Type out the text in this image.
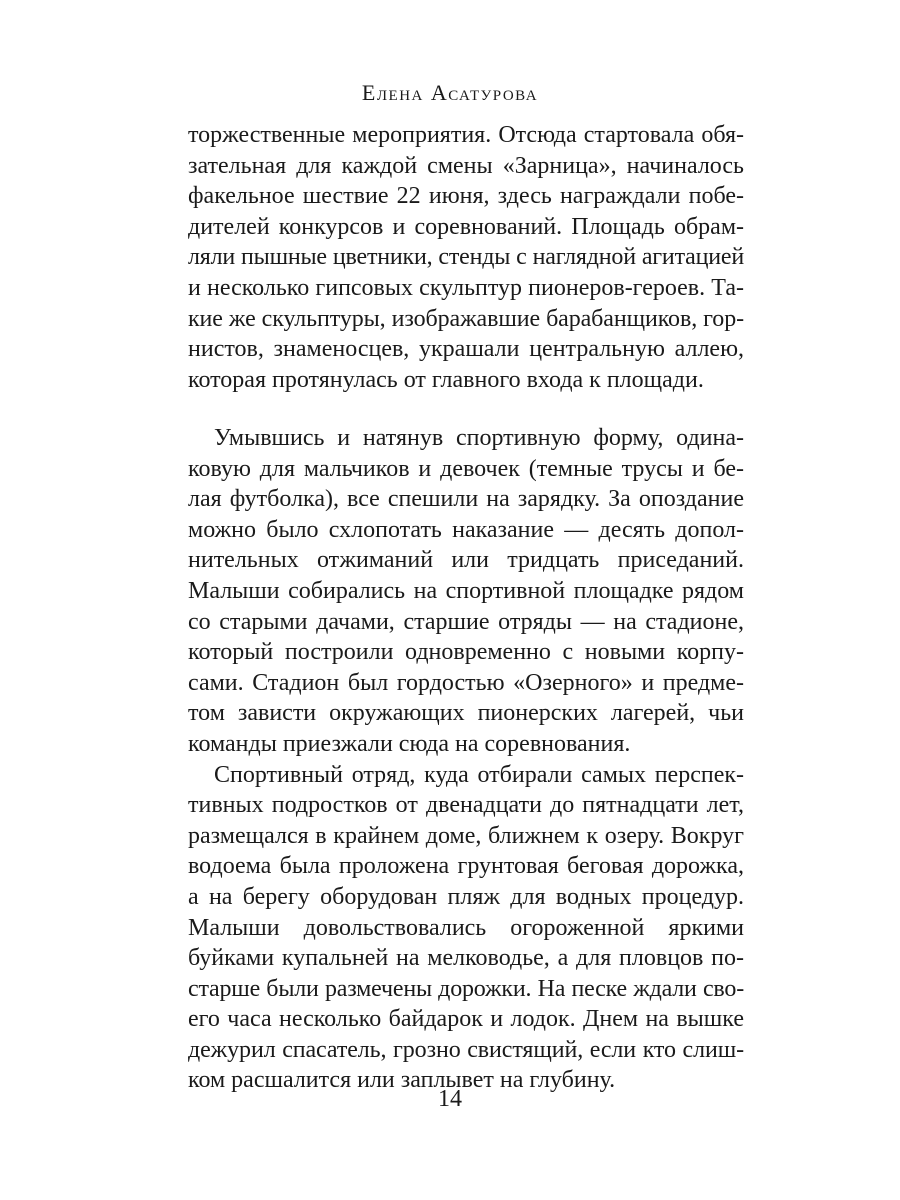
Елена Асатурова
торжественные мероприятия. Отсюда стартовала обя-
зательная для каждой смены «Зарница», начиналось
факельное шествие 22 июня, здесь награждали побе-
дителей конкурсов и соревнований. Площадь обрам-
ляли пышные цветники, стенды с наглядной агитацией
и несколько гипсовых скульптур пионеров-героев. Та-
кие же скульптуры, изображавшие барабанщиков, гор-
нистов, знаменосцев, украшали центральную аллею,
которая протянулась от главного входа к площади.
Умывшись и натянув спортивную форму, одина-
ковую для мальчиков и девочек (темные трусы и бе-
лая футболка), все спешили на зарядку. За опоздание
можно было схлопотать наказание — десять допол-
нительных отжиманий или тридцать приседаний.
Малыши собирались на спортивной площадке рядом
со старыми дачами, старшие отряды — на стадионе,
который построили одновременно с новыми корпу-
сами. Стадион был гордостью «Озерного» и предме-
том зависти окружающих пионерских лагерей, чьи
команды приезжали сюда на соревнования.
Спортивный отряд, куда отбирали самых перспек-
тивных подростков от двенадцати до пятнадцати лет,
размещался в крайнем доме, ближнем к озеру. Вокруг
водоема была проложена грунтовая беговая дорожка,
а на берегу оборудован пляж для водных процедур.
Малыши довольствовались огороженной яркими
буйками купальней на мелководье, а для пловцов по-
старше были размечены дорожки. На песке ждали сво-
его часа несколько байдарок и лодок. Днем на вышке
дежурил спасатель, грозно свистящий, если кто слиш-
ком расшалится или заплывет на глубину.
14
